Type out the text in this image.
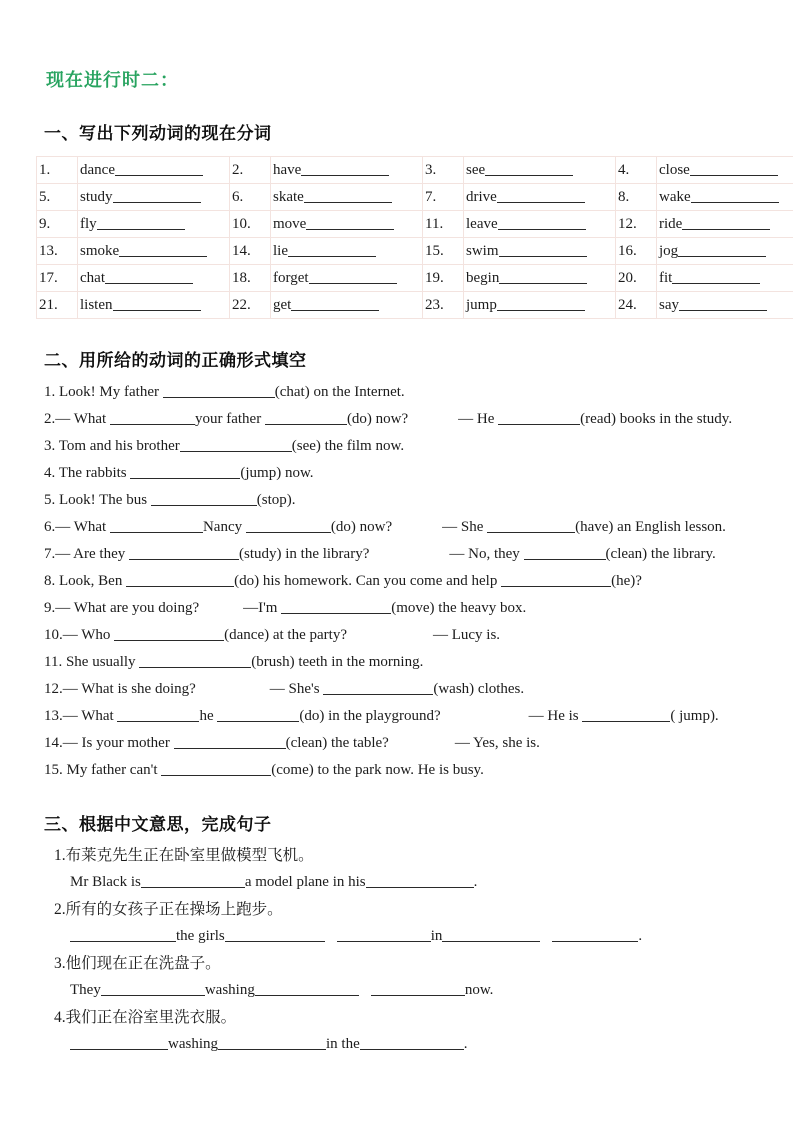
现在进行时二：
一、写出下列动词的现在分词
1.	dance	2.	have	3.	see	4.	close
5.	study	6.	skate	7.	drive	8.	wake
9.	fly	10.	move	11.	leave	12.	ride
13.	smoke	14.	lie	15.	swim	16.	jog
17.	chat	18.	forget	19.	begin	20.	fit
21.	listen	22.	get	23.	jump	24.	say
二、用所给的动词的正确形式填空

1. Look! My father	(chat) on the Internet.

2.— What	your father	(do) now?	— He	(read) books in the study.

3. Tom and his brother	(see) the film now.

4. The rabbits	(jump) now.

5. Look! The bus	(stop).

6.— What	Nancy	(do) now?	— She	(have) an English lesson.

7.— Are they	(study) in the library?	— No, they	(clean) the library.

8. Look, Ben	(do) his homework. Can you come and help	(he)?

9.— What are you doing?	—I'm	(move) the heavy box.

10.— Who	(dance) at the party?	— Lucy is.

11. She usually	(brush) teeth in the morning.

12.— What is she doing?	— She's	(wash) clothes.

13.— What	he	(do) in the playground?	— He is	( jump).

14.— Is your mother	(clean) the table?	— Yes, she is.

15. My father can't	(come) to the park now. He is busy.

三、根据中文意思，完成句子

1.布莱克先生正在卧室里做模型飞机。

Mr Black is	a model plane in his	.

2.所有的女孩子正在操场上跑步。

the girls	in	.

3.他们现在正在洗盘子。

They	washing	now.

4.我们正在浴室里洗衣服。

washing	in the	.
